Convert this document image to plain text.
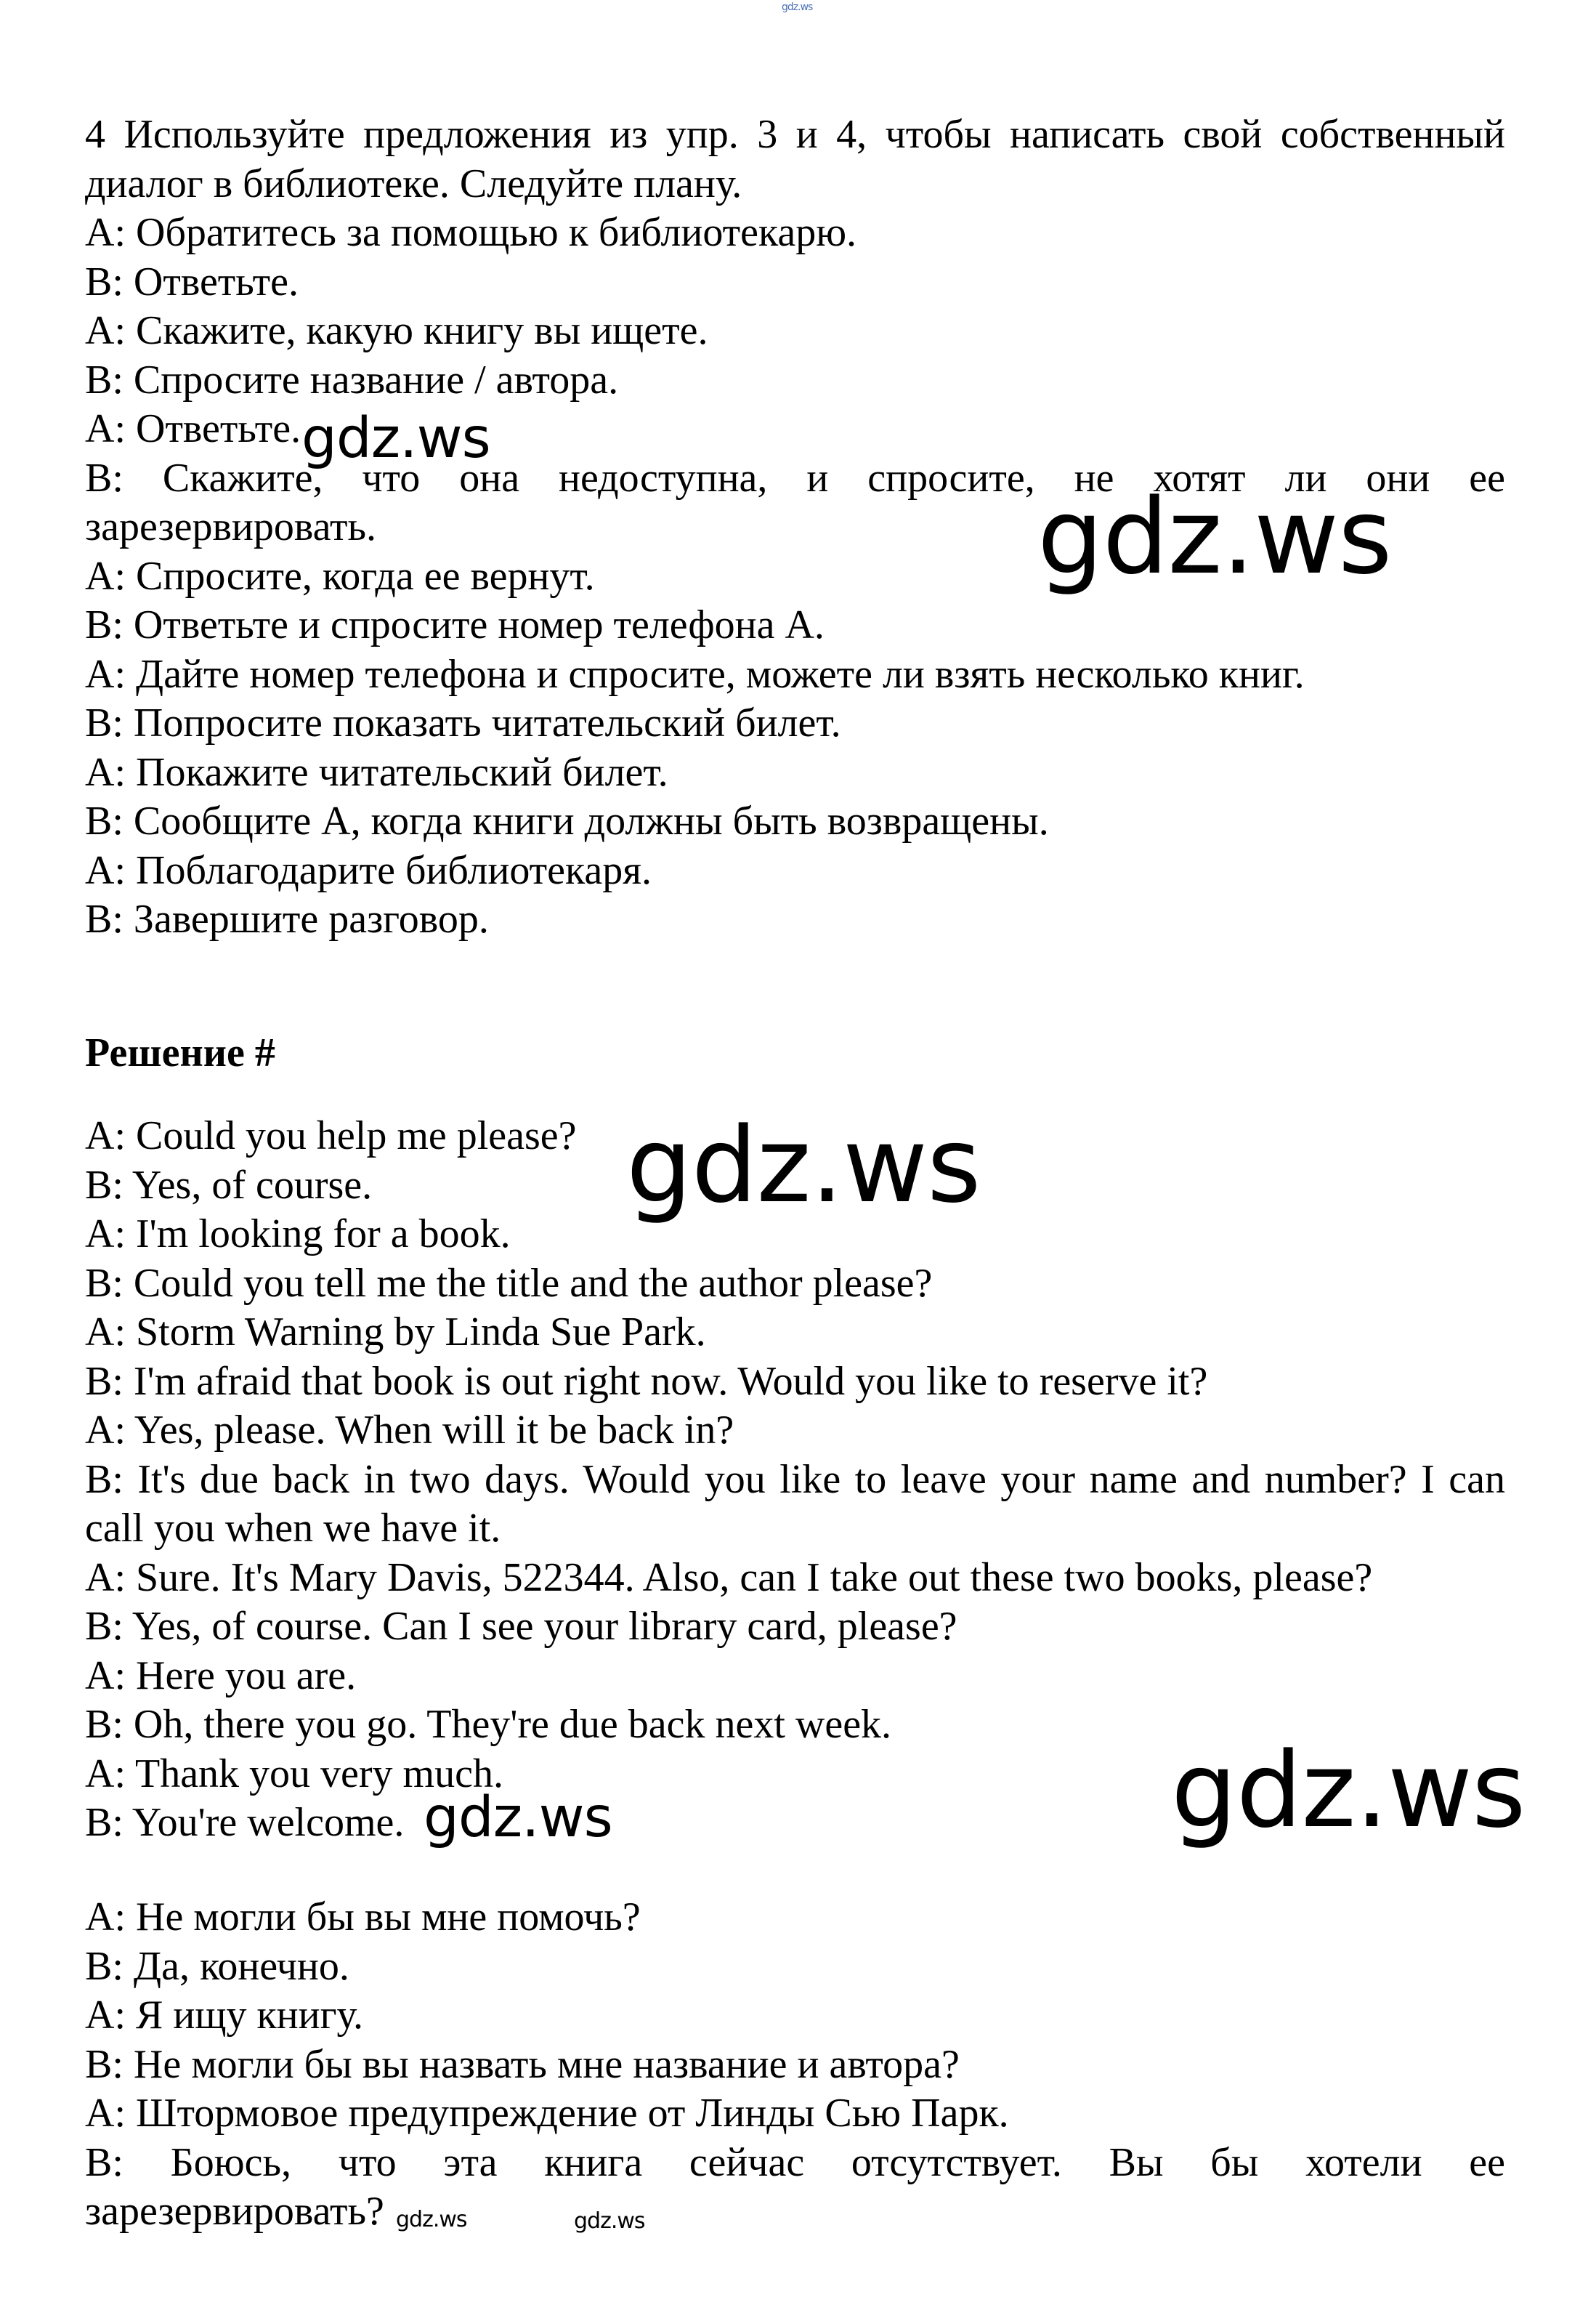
gdz.ws
4 Используйте предложения из упр. 3 и 4, чтобы написать свой собственный
диалог в библиотеке. Следуйте плану.
A: Обратитесь за помощью к библиотекарю.
B: Ответьте.
A: Скажите, какую книгу вы ищете.
B: Спросите название / автора.
A: Ответьте.
B: Скажите, что она недоступна, и спросите, не хотят ли они ее
зарезервировать.
A: Спросите, когда ее вернут.
B: Ответьте и спросите номер телефона А.
A: Дайте номер телефона и спросите, можете ли взять несколько книг.
B: Попросите показать читательский билет.
A: Покажите читательский билет.
B: Сообщите А, когда книги должны быть возвращены.
A: Поблагодарите библиотекаря.
B: Завершите разговор.
Решение #
A: Could you help me please?
B: Yes, of course.
A: I'm looking for a book.
B: Could you tell me the title and the author please?
A: Storm Warning by Linda Sue Park.
B: I'm afraid that book is out right now. Would you like to reserve it?
A: Yes, please. When will it be back in?
B: It's due back in two days. Would you like to leave your name and number? I can
call you when we have it.
A: Sure. It's Mary Davis, 522344. Also, can I take out these two books, please?
B: Yes, of course. Can I see your library card, please?
A: Here you are.
B: Oh, there you go. They're due back next week.
A: Thank you very much.
B: You're welcome.
A: Не могли бы вы мне помочь?
B: Да, конечно.
A: Я ищу книгу.
B: Не могли бы вы назвать мне название и автора?
A: Штормовое предупреждение от Линды Сью Парк.
B: Боюсь, что эта книга сейчас отсутствует. Вы бы хотели ее
зарезервировать?
gdz.ws
gdz.ws
gdz.ws
gdz.ws
gdz.ws
gdz.ws	gdz.ws
